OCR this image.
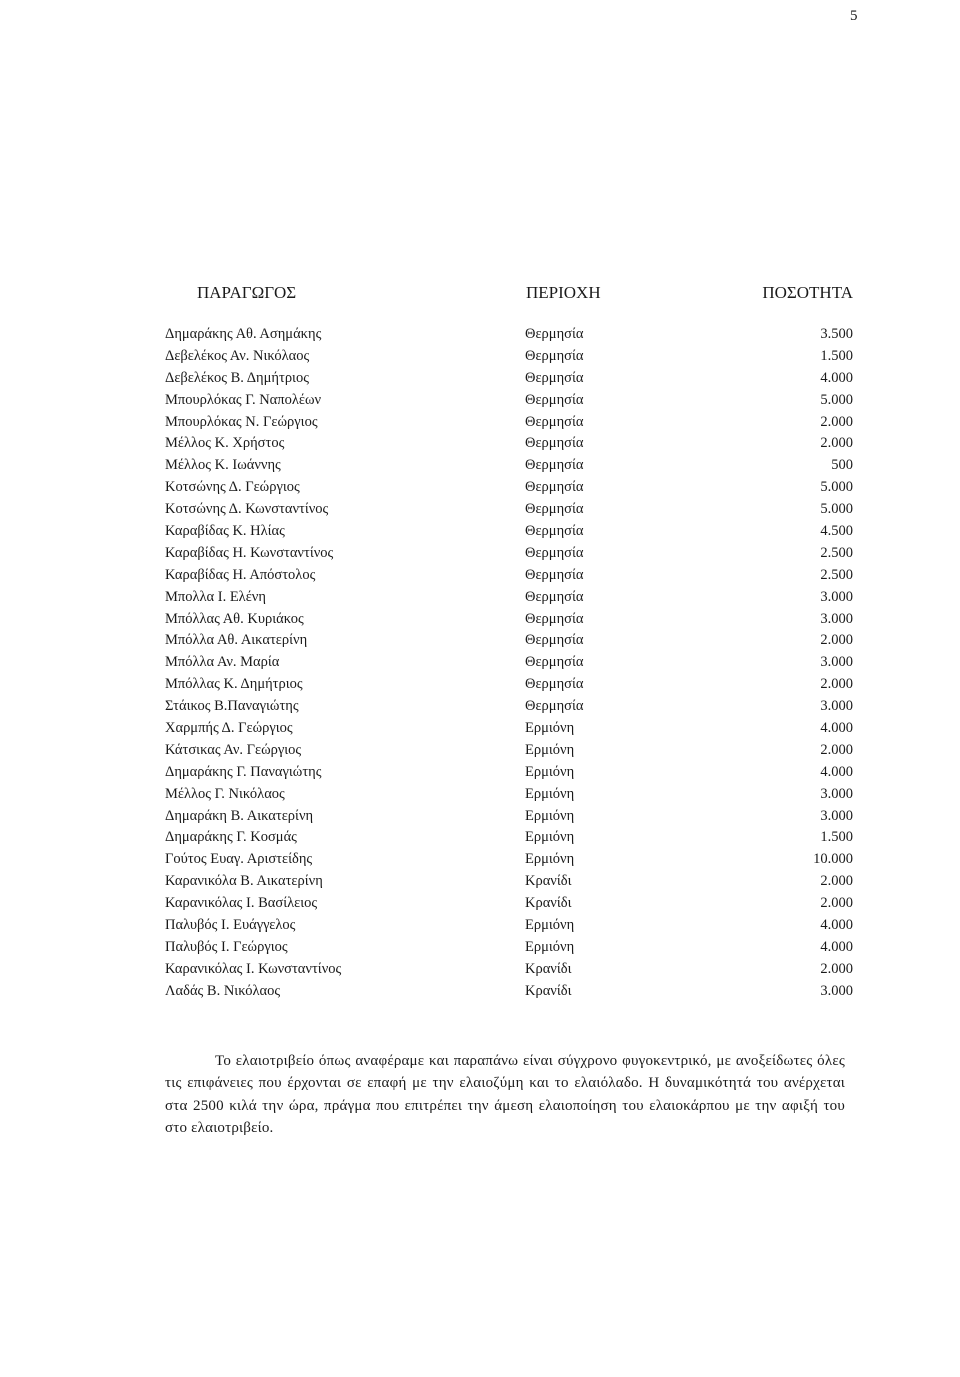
5
ΠΑΡΑΓΩΓΟΣ	ΠΕΡΙΟΧΗ	ΠΟΣΟΤΗΤΑ
Δημαράκης Αθ. Ασημάκης	Θερμησία	3.500
Δεβελέκος Αν. Νικόλαος	Θερμησία	1.500
Δεβελέκος Β. Δημήτριος	Θερμησία	4.000
Μπουρλόκας Γ. Ναπολέων	Θερμησία	5.000
Μπουρλόκας Ν. Γεώργιος	Θερμησία	2.000
Μέλλος Κ. Χρήστος	Θερμησία	2.000
Μέλλος Κ. Ιωάννης	Θερμησία	500
Κοτσώνης Δ. Γεώργιος	Θερμησία	5.000
Κοτσώνης Δ. Κωνσταντίνος	Θερμησία	5.000
Καραβίδας Κ. Ηλίας	Θερμησία	4.500
Καραβίδας Η. Κωνσταντίνος	Θερμησία	2.500
Καραβίδας Η. Απόστολος	Θερμησία	2.500
Μπολλα Ι. Ελένη	Θερμησία	3.000
Μπόλλας Αθ. Κυριάκος	Θερμησία	3.000
Μπόλλα Αθ. Αικατερίνη	Θερμησία	2.000
Μπόλλα Αν. Μαρία	Θερμησία	3.000
Μπόλλας Κ. Δημήτριος	Θερμησία	2.000
Στάικος Β.Παναγιώτης	Θερμησία	3.000
Χαρμπής Δ. Γεώργιος	Ερμιόνη	4.000
Κάτσικας Αν. Γεώργιος	Ερμιόνη	2.000
Δημαράκης Γ. Παναγιώτης	Ερμιόνη	4.000
Μέλλος Γ. Νικόλαος	Ερμιόνη	3.000
Δημαράκη Β. Αικατερίνη	Ερμιόνη	3.000
Δημαράκης Γ. Κοσμάς	Ερμιόνη	1.500
Γούτος Ευαγ. Αριστείδης	Ερμιόνη	10.000
Καρανικόλα Β. Αικατερίνη	Κρανίδι	2.000
Καρανικόλας Ι. Βασίλειος	Κρανίδι	2.000
Παλυβός Ι. Ευάγγελος	Ερμιόνη	4.000
Παλυβός Ι. Γεώργιος	Ερμιόνη	4.000
Καρανικόλας Ι. Κωνσταντίνος	Κρανίδι	2.000
Λαδάς Β. Νικόλαος	Κρανίδι	3.000
Το ελαιοτριβείο όπως αναφέραμε και παραπάνω είναι σύγχρονο φυγοκεντρικό, με ανοξείδωτες όλες τις επιφάνειες που έρχονται σε επαφή με την ελαιοζύμη και το ελαιόλαδο. Η δυναμικότητά του ανέρχεται στα 2500 κιλά την ώρα, πράγμα που επιτρέπει την άμεση ελαιοποίηση του ελαιοκάρπου με την αφιξή του στο ελαιοτριβείο.
